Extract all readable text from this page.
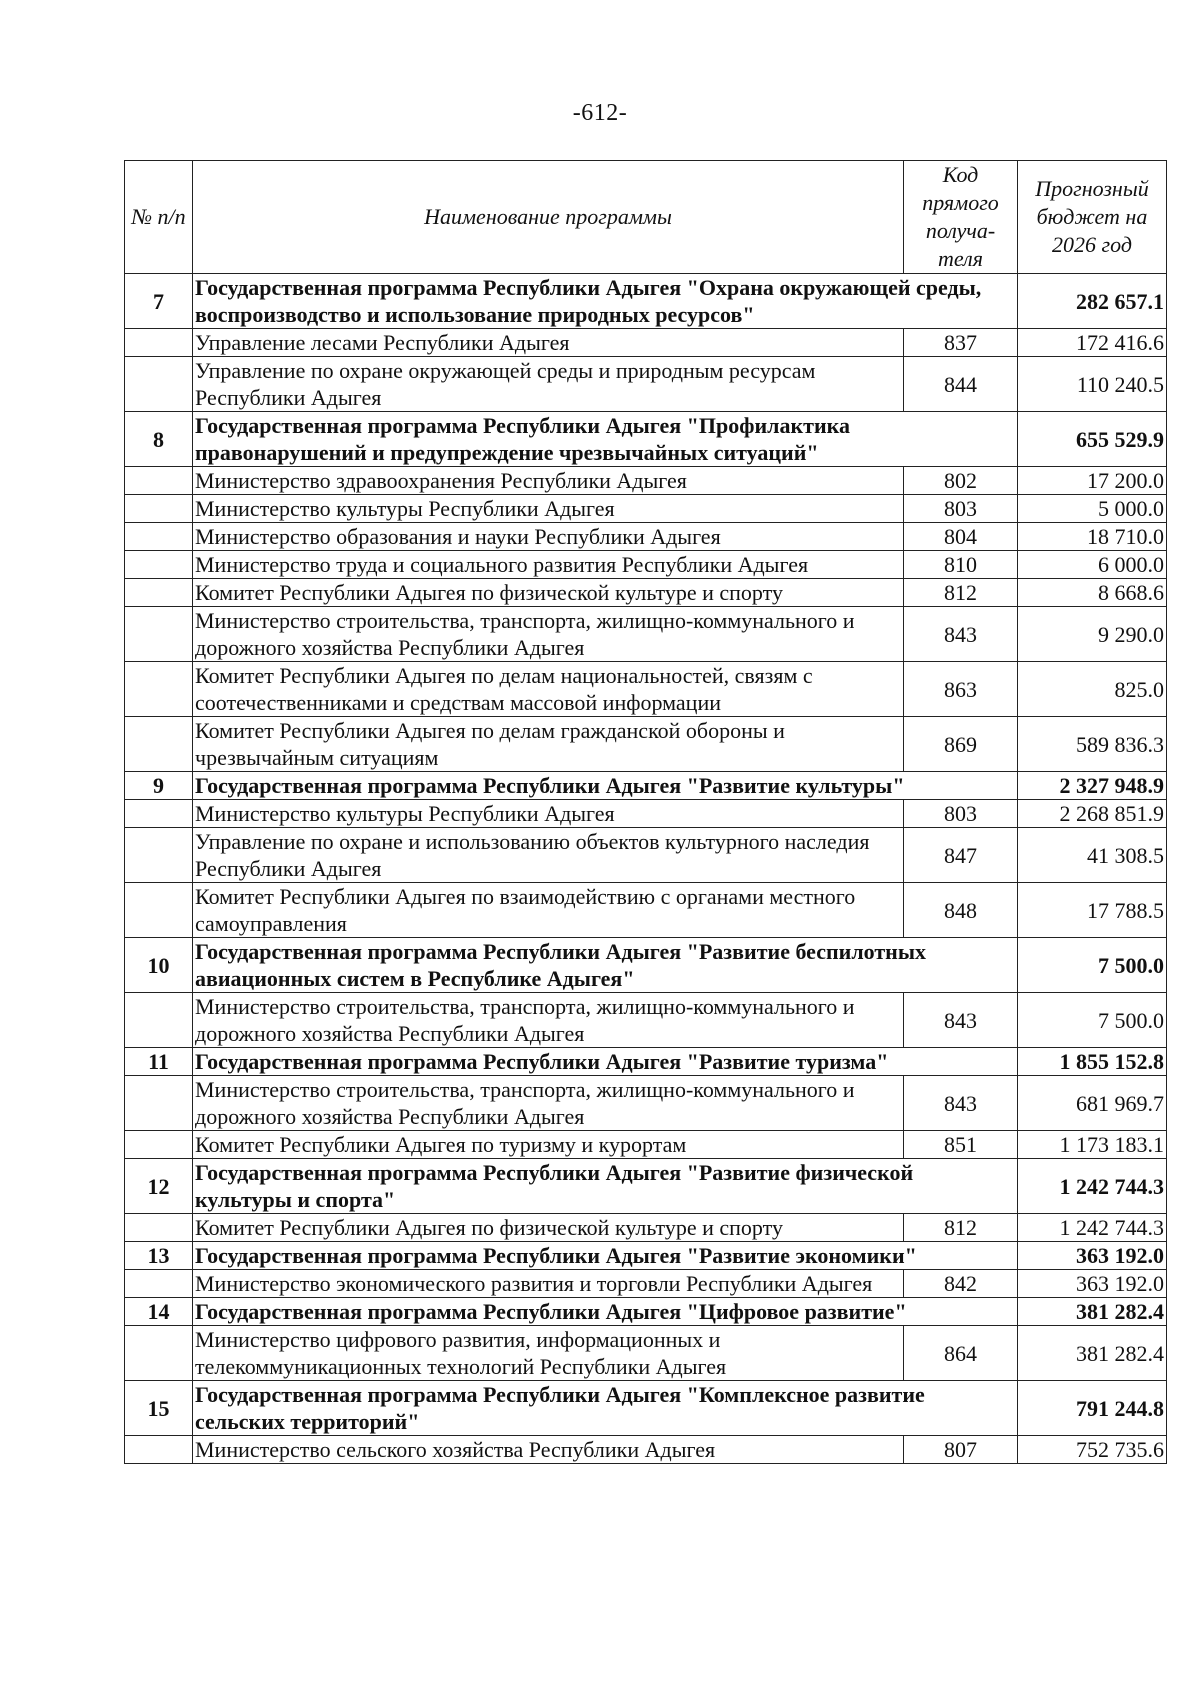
-612-
№ п/п	Наименование программы	Код прямого получа-теля	Прогнозный бюджет на 2026 год
7	Государственная программа Республики Адыгея "Охрана окружающей среды, воспроизводство и использование природных ресурсов"		282 657.1
	Управление лесами Республики Адыгея	837	172 416.6
	Управление по охране окружающей среды и природным ресурсам Республики Адыгея	844	110 240.5
8	Государственная программа Республики Адыгея "Профилактика правонарушений и предупреждение чрезвычайных ситуаций"		655 529.9
	Министерство здравоохранения Республики Адыгея	802	17 200.0
	Министерство культуры Республики Адыгея	803	5 000.0
	Министерство образования и науки Республики Адыгея	804	18 710.0
	Министерство труда и социального развития Республики Адыгея	810	6 000.0
	Комитет Республики Адыгея по физической культуре и спорту	812	8 668.6
	Министерство строительства, транспорта, жилищно-коммунального и дорожного хозяйства Республики Адыгея	843	9 290.0
	Комитет Республики Адыгея по делам национальностей, связям с соотечественниками и средствам массовой информации	863	825.0
	Комитет Республики Адыгея по делам гражданской обороны и чрезвычайным ситуациям	869	589 836.3
9	Государственная программа Республики Адыгея "Развитие культуры"		2 327 948.9
	Министерство культуры Республики Адыгея	803	2 268 851.9
	Управление по охране и использованию объектов культурного наследия Республики Адыгея	847	41 308.5
	Комитет Республики Адыгея по взаимодействию с органами местного самоуправления	848	17 788.5
10	Государственная программа Республики Адыгея "Развитие беспилотных авиационных систем в Республике Адыгея"		7 500.0
	Министерство строительства, транспорта, жилищно-коммунального и дорожного хозяйства Республики Адыгея	843	7 500.0
11	Государственная программа Республики Адыгея "Развитие туризма"		1 855 152.8
	Министерство строительства, транспорта, жилищно-коммунального и дорожного хозяйства Республики Адыгея	843	681 969.7
	Комитет Республики Адыгея по туризму и курортам	851	1 173 183.1
12	Государственная программа Республики Адыгея "Развитие физической культуры и спорта"		1 242 744.3
	Комитет Республики Адыгея по физической культуре и спорту	812	1 242 744.3
13	Государственная программа Республики Адыгея "Развитие экономики"		363 192.0
	Министерство экономического развития и торговли Республики Адыгея	842	363 192.0
14	Государственная программа Республики Адыгея "Цифровое развитие"		381 282.4
	Министерство цифрового развития, информационных и телекоммуникационных технологий Республики Адыгея	864	381 282.4
15	Государственная программа Республики Адыгея "Комплексное развитие сельских территорий"		791 244.8
	Министерство сельского хозяйства Республики Адыгея	807	752 735.6
